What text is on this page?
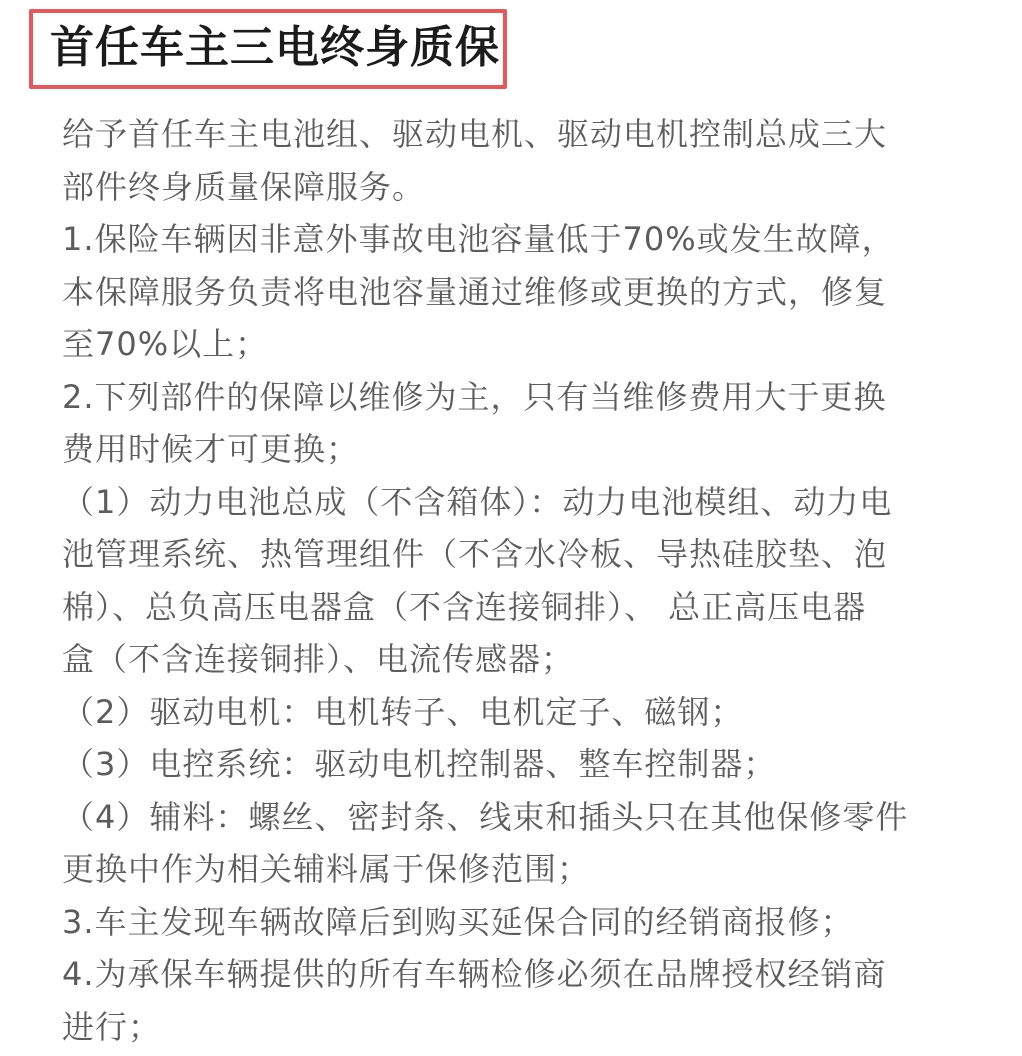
首任车主三电终身质保
给予首任车主电池组、驱动电机、驱动电机控制总成三大
部件终身质量保障服务。
1.保险车辆因非意外事故电池容量低于70%或发生故障，
本保障服务负责将电池容量通过维修或更换的方式，修复
至70%以上；
2.下列部件的保障以维修为主，只有当维修费用大于更换
费用时候才可更换；
（1）动力电池总成（不含箱体）：动力电池模组、动力电
池管理系统、热管理组件（不含水冷板、导热硅胶垫、泡
棉）、总负高压电器盒（不含连接铜排）、 总正高压电器
盒（不含连接铜排）、电流传感器；
（2）驱动电机：电机转子、电机定子、磁钢；
（3）电控系统：驱动电机控制器、整车控制器；
（4）辅料：螺丝、密封条、线束和插头只在其他保修零件
更换中作为相关辅料属于保修范围；
3.车主发现车辆故障后到购买延保合同的经销商报修；
4.为承保车辆提供的所有车辆检修必须在品牌授权经销商
进行；
